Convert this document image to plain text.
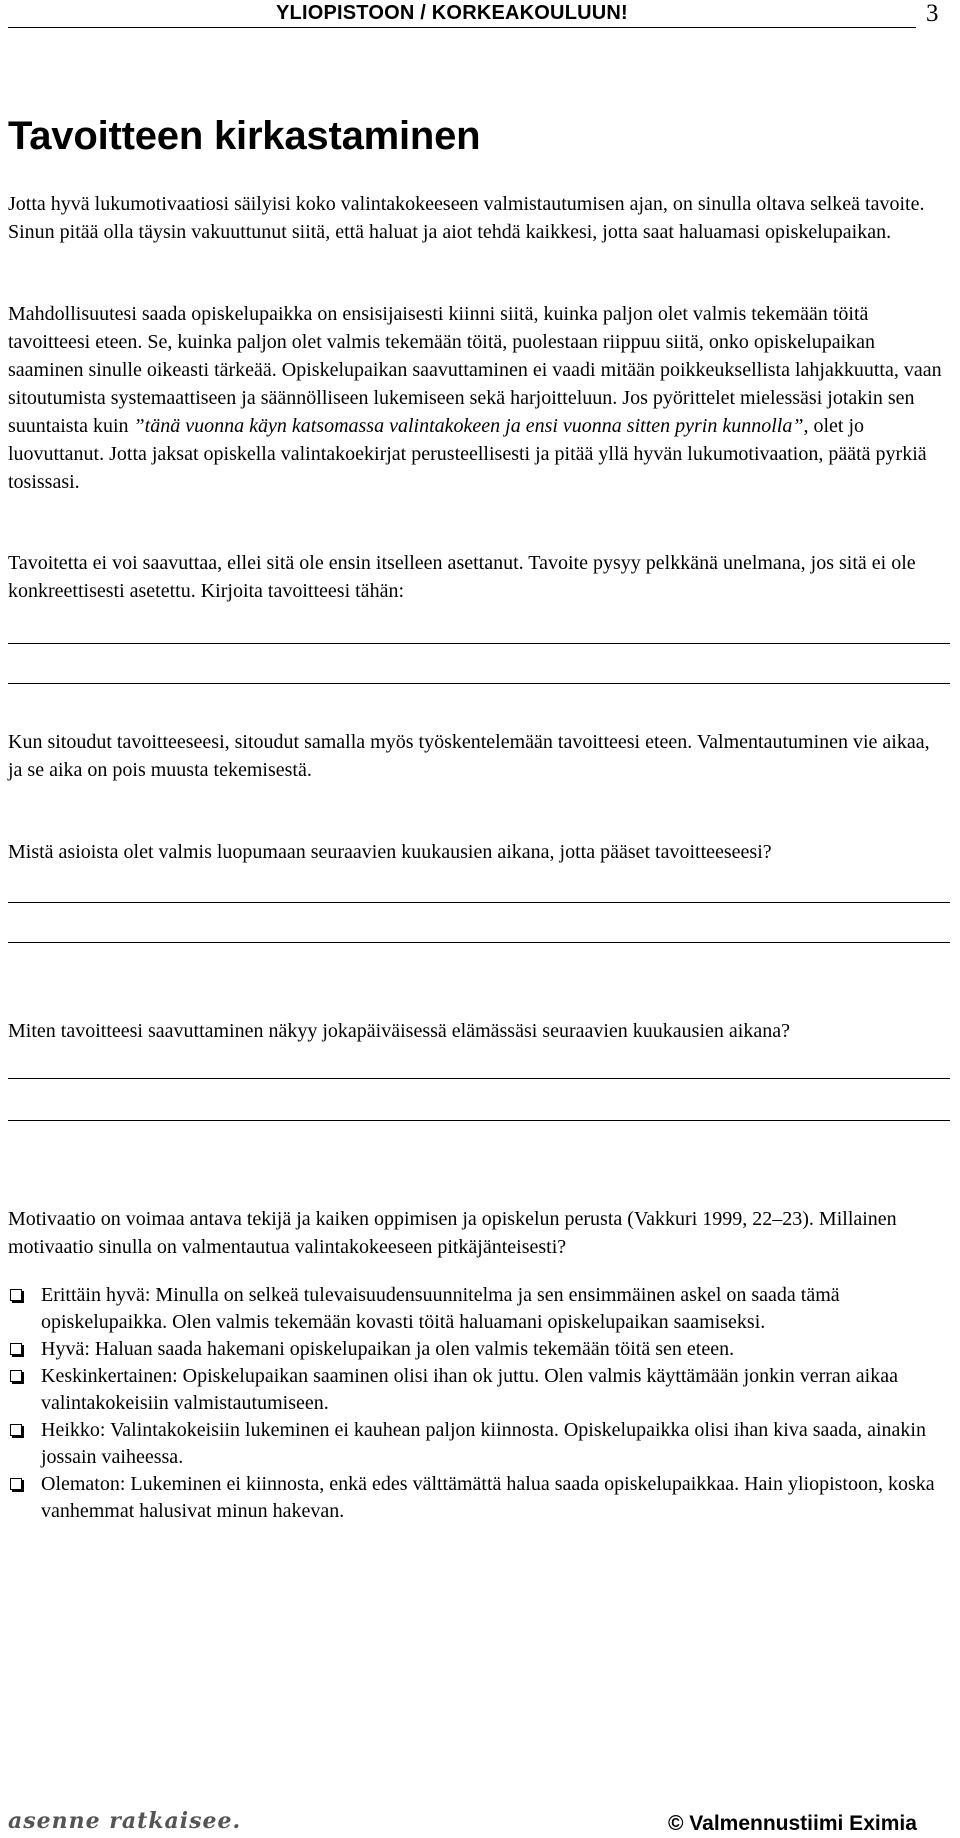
YLIOPISTOON / KORKEAKOULUUN!	3
Tavoitteen kirkastaminen

Jotta hyvä lukumotivaatiosi säilyisi koko valintakokeeseen valmistautumisen ajan, on sinulla oltava selkeä tavoite. Sinun pitää olla täysin vakuuttunut siitä, että haluat ja aiot tehdä kaikkesi, jotta saat haluamasi opiskelupaikan.

Mahdollisuutesi saada opiskelupaikka on ensisijaisesti kiinni siitä, kuinka paljon olet valmis tekemään töitä tavoitteesi eteen. Se, kuinka paljon olet valmis tekemään töitä, puolestaan riippuu siitä, onko opiskelupaikan saaminen sinulle oikeasti tärkeää. Opiskelupaikan saavuttaminen ei vaadi mitään poikkeuksellista lahjakkuutta, vaan sitoutumista systemaattiseen ja säännölliseen lukemiseen sekä harjoitteluun. Jos pyörittelet mielessäsi jotakin sen suuntaista kuin ”tänä vuonna käyn katsomassa valintakokeen ja ensi vuonna sitten pyrin kunnolla”, olet jo luovuttanut. Jotta jaksat opiskella valintakoekirjat perusteellisesti ja pitää yllä hyvän lukumotivaation, päätä pyrkiä tosissasi.

Tavoitetta ei voi saavuttaa, ellei sitä ole ensin itselleen asettanut. Tavoite pysyy pelkkänä unelmana, jos sitä ei ole konkreettisesti asetettu. Kirjoita tavoitteesi tähän:

Kun sitoudut tavoitteeseesi, sitoudut samalla myös työskentelemään tavoitteesi eteen. Valmentautuminen vie aikaa, ja se aika on pois muusta tekemisestä.

Mistä asioista olet valmis luopumaan seuraavien kuukausien aikana, jotta pääset tavoitteeseesi?

Miten tavoitteesi saavuttaminen näkyy jokapäiväisessä elämässäsi seuraavien kuukausien aikana?

Motivaatio on voimaa antava tekijä ja kaiken oppimisen ja opiskelun perusta (Vakkuri 1999, 22–23). Millainen motivaatio sinulla on valmentautua valintakokeeseen pitkäjänteisesti?

Erittäin hyvä: Minulla on selkeä tulevaisuudensuunnitelma ja sen ensimmäinen askel on saada tämä opiskelupaikka. Olen valmis tekemään kovasti töitä haluamani opiskelupaikan saamiseksi.
Hyvä: Haluan saada hakemani opiskelupaikan ja olen valmis tekemään töitä sen eteen.
Keskinkertainen: Opiskelupaikan saaminen olisi ihan ok juttu. Olen valmis käyttämään jonkin verran aikaa valintakokeisiin valmistautumiseen.
Heikko: Valintakokeisiin lukeminen ei kauhean paljon kiinnosta. Opiskelupaikka olisi ihan kiva saada, ainakin jossain vaiheessa.
Olematon: Lukeminen ei kiinnosta, enkä edes välttämättä halua saada opiskelupaikkaa. Hain yliopistoon, koska vanhemmat halusivat minun hakevan.
asenne ratkaisee.	© Valmennustiimi Eximia
